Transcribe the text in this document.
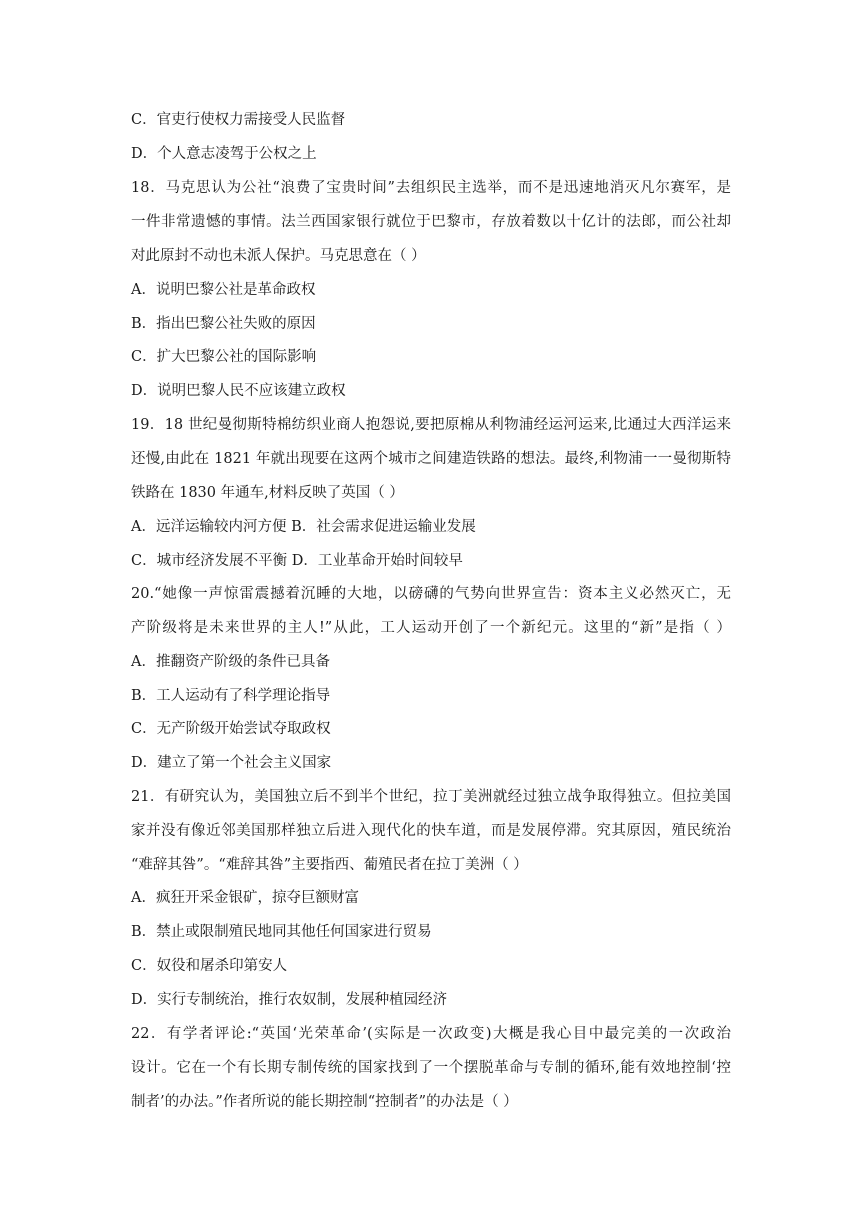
C．官吏行使权力需接受人民监督
D．个人意志凌驾于公权之上
18．马克思认为公社“浪费了宝贵时间”去组织民主选举，而不是迅速地消灭凡尔赛军，是
一件非常遗憾的事情。法兰西国家银行就位于巴黎市，存放着数以十亿计的法郎，而公社却
对此原封不动也未派人保护。马克思意在（ ）
A．说明巴黎公社是革命政权
B．指出巴黎公社失败的原因
C．扩大巴黎公社的国际影响
D．说明巴黎人民不应该建立政权
19．18 世纪曼彻斯特棉纺织业商人抱怨说,要把原棉从利物浦经运河运来,比通过大西洋运来
还慢,由此在 1821 年就出现要在这两个城市之间建造铁路的想法。最终,利物浦一一曼彻斯特
铁路在 1830 年通车,材料反映了英国（ ）
A．远洋运输较内河方便 B．社会需求促进运输业发展
C．城市经济发展不平衡 D．工业革命开始时间较早
20.“她像一声惊雷震撼着沉睡的大地，以磅礴的气势向世界宣告：资本主义必然灭亡，无
产阶级将是未来世界的主人!”从此，工人运动开创了一个新纪元。这里的“新”是指（ ）
A．推翻资产阶级的条件已具备
B．工人运动有了科学理论指导
C．无产阶级开始尝试夺取政权
D．建立了第一个社会主义国家
21．有研究认为，美国独立后不到半个世纪，拉丁美洲就经过独立战争取得独立。但拉美国
家并没有像近邻美国那样独立后进入现代化的快车道，而是发展停滞。究其原因，殖民统治
“难辞其咎”。“难辞其咎”主要指西、葡殖民者在拉丁美洲（ ）
A．疯狂开采金银矿，掠夺巨额财富
B．禁止或限制殖民地同其他任何国家进行贸易
C．奴役和屠杀印第安人
D．实行专制统治，推行农奴制，发展种植园经济
22．有学者评论:“英国‘光荣革命’(实际是一次政变)大概是我心目中最完美的一次政治
设计。它在一个有长期专制传统的国家找到了一个摆脱革命与专制的循环,能有效地控制‘控
制者’的办法。”作者所说的能长期控制“控制者”的办法是（ ）
